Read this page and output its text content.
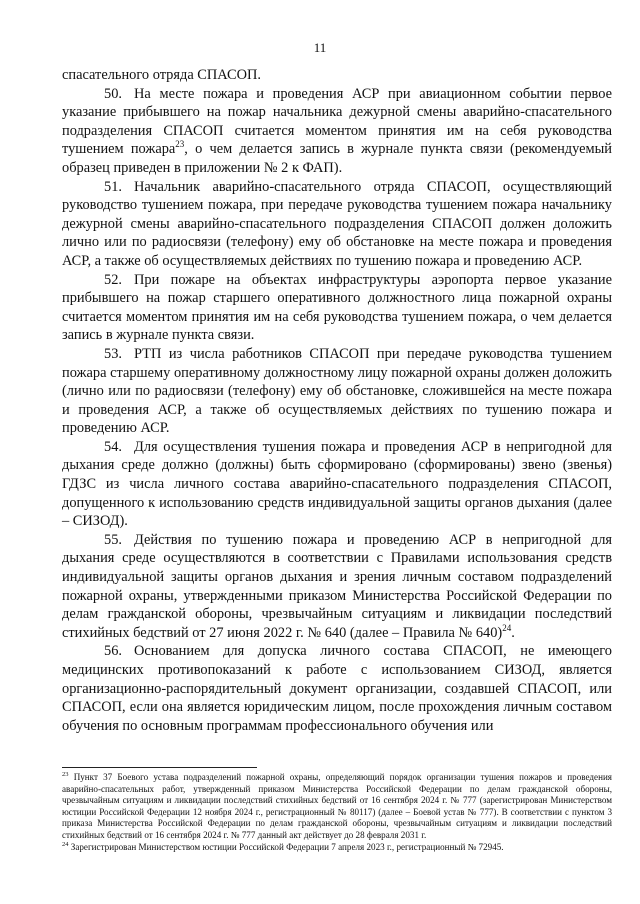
11

спасательного отряда СПАСОП.

50. На месте пожара и проведения АСР при авиационном событии первое указание прибывшего на пожар начальника дежурной смены аварийно-спасательного подразделения СПАСОП считается моментом принятия им на себя руководства тушением пожара$^{23}$, о чем делается запись в журнале пункта связи (рекомендуемый образец приведен в приложении № 2 к ФАП).

51. Начальник аварийно-спасательного отряда СПАСОП, осуществляющий руководство тушением пожара, при передаче руководства тушением пожара начальнику дежурной смены аварийно-спасательного подразделения СПАСОП должен доложить лично или по радиосвязи (телефону) ему об обстановке на месте пожара и проведения АСР, а также об осуществляемых действиях по тушению пожара и проведению АСР.

52. При пожаре на объектах инфраструктуры аэропорта первое указание прибывшего на пожар старшего оперативного должностного лица пожарной охраны считается моментом принятия им на себя руководства тушением пожара, о чем делается запись в журнале пункта связи.

53. РТП из числа работников СПАСОП при передаче руководства тушением пожара старшему оперативному должностному лицу пожарной охраны должен доложить (лично или по радиосвязи (телефону) ему об обстановке, сложившейся на месте пожара и проведения АСР, а также об осуществляемых действиях по тушению пожара и проведению АСР.

54. Для осуществления тушения пожара и проведения АСР в непригодной для дыхания среде должно (должны) быть сформировано (сформированы) звено (звенья) ГДЗС из числа личного состава аварийно-спасательного подразделения СПАСОП, допущенного к использованию средств индивидуальной защиты органов дыхания (далее – СИЗОД).

55. Действия по тушению пожара и проведению АСР в непригодной для дыхания среде осуществляются в соответствии с Правилами использования средств индивидуальной защиты органов дыхания и зрения личным составом подразделений пожарной охраны, утвержденными приказом Министерства Российской Федерации по делам гражданской обороны, чрезвычайным ситуациям и ликвидации последствий стихийных бедствий от 27 июня 2022 г. № 640 (далее – Правила № 640)$^{24}$.

56. Основанием для допуска личного состава СПАСОП, не имеющего медицинских противопоказаний к работе с использованием СИЗОД, является организационно-распорядительный документ организации, создавшей СПАСОП, или СПАСОП, если она является юридическим лицом, после прохождения личным составом обучения по основным программам профессионального обучения или

$^{23}$ Пункт 37 Боевого устава подразделений пожарной охраны, определяющий порядок организации тушения пожаров и проведения аварийно-спасательных работ, утвержденный приказом Министерства Российской Федерации по делам гражданской обороны, чрезвычайным ситуациям и ликвидации последствий стихийных бедствий от 16 сентября 2024 г. № 777 (зарегистрирован Министерством юстиции Российской Федерации 12 ноября 2024 г., регистрационный № 80117) (далее – Боевой устав № 777). В соответствии с пунктом 3 приказа Министерства Российской Федерации по делам гражданской обороны, чрезвычайным ситуациям и ликвидации последствий стихийных бедствий от 16 сентября 2024 г. № 777 данный акт действует до 28 февраля 2031 г.

$^{24}$ Зарегистрирован Министерством юстиции Российской Федерации 7 апреля 2023 г., регистрационный № 72945.
